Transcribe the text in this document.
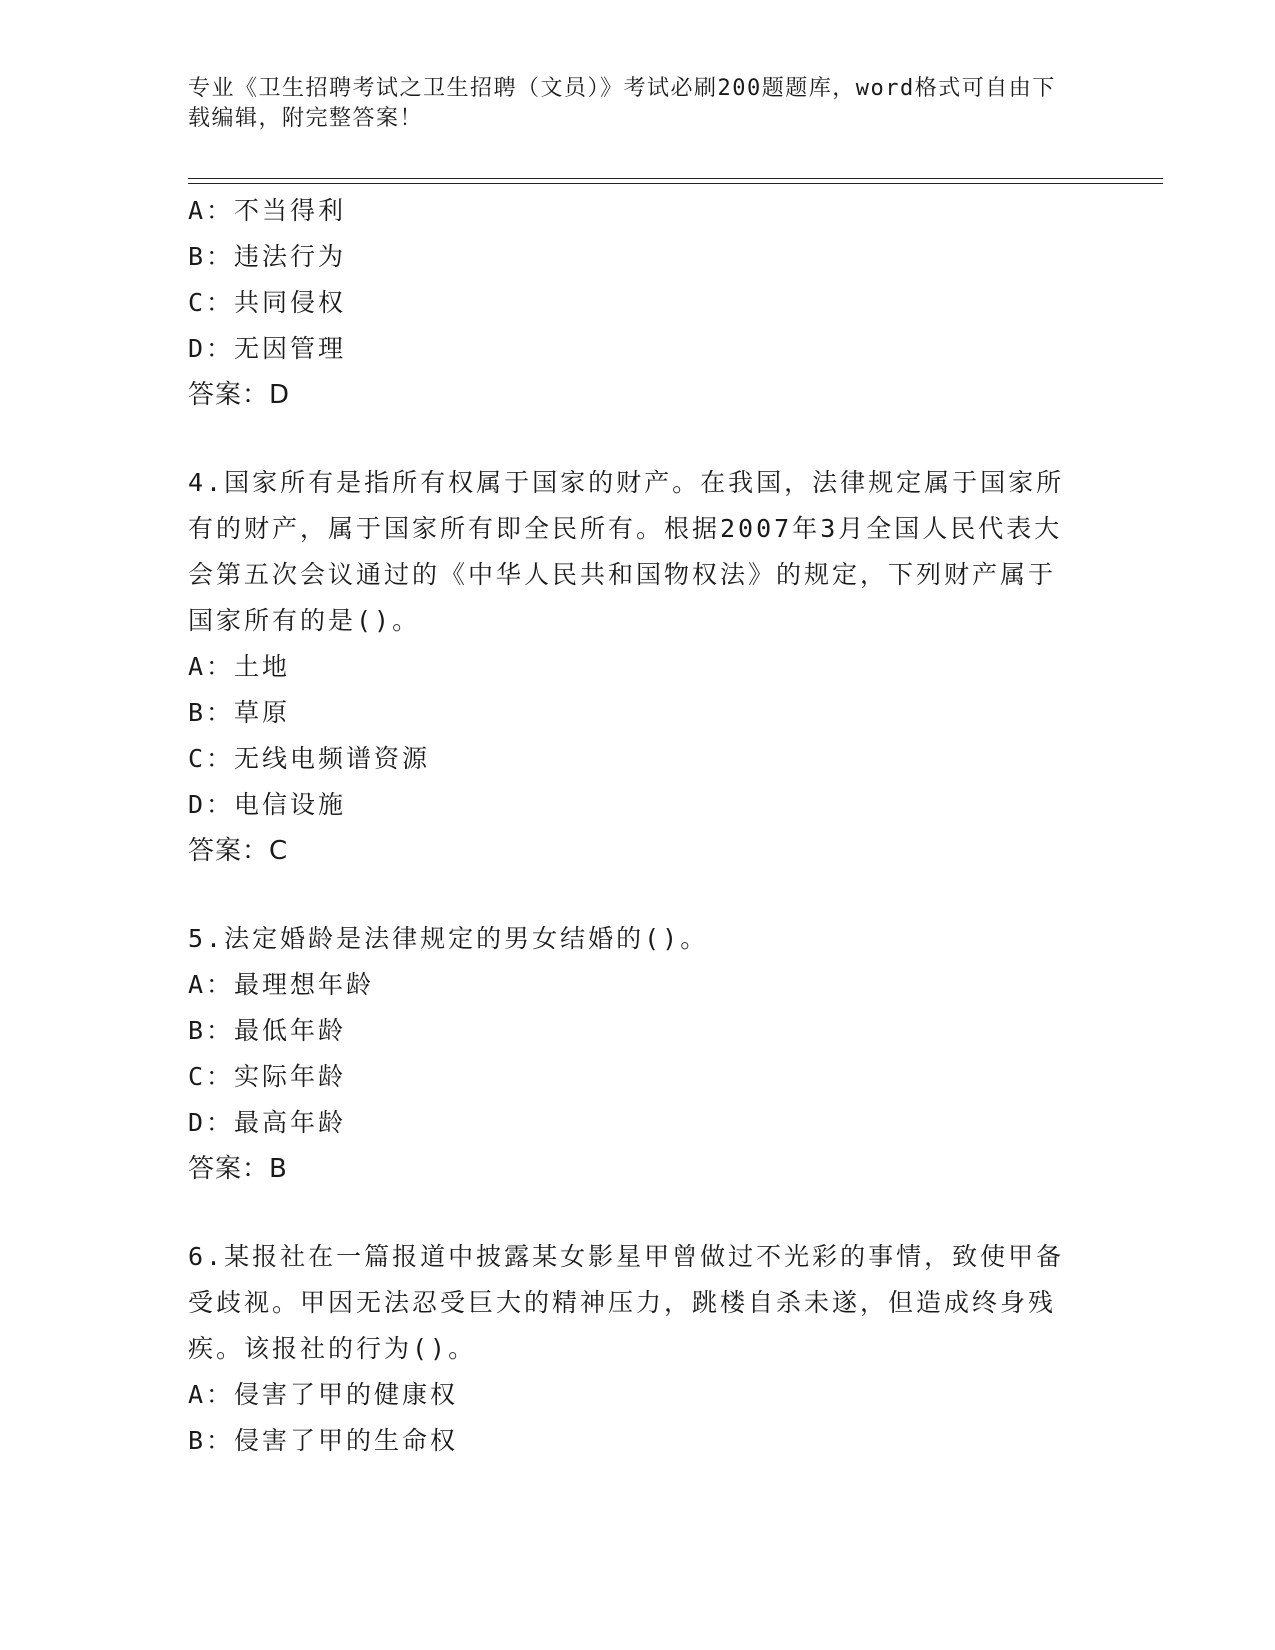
专业《卫生招聘考试之卫生招聘（文员）》考试必刷200题题库，word格式可自由下载编辑，附完整答案！

A：不当得利
B：违法行为
C：共同侵权
D：无因管理
答案：D
4.国家所有是指所有权属于国家的财产。在我国，法律规定属于国家所有的财产，属于国家所有即全民所有。根据2007年3月全国人民代表大会第五次会议通过的《中华人民共和国物权法》的规定，下列财产属于国家所有的是()。
A：土地
B：草原
C：无线电频谱资源
D：电信设施
答案：C
5.法定婚龄是法律规定的男女结婚的()。
A：最理想年龄
B：最低年龄
C：实际年龄
D：最高年龄
答案：B
6.某报社在一篇报道中披露某女影星甲曾做过不光彩的事情，致使甲备受歧视。甲因无法忍受巨大的精神压力，跳楼自杀未遂，但造成终身残疾。该报社的行为()。
A：侵害了甲的健康权
B：侵害了甲的生命权
